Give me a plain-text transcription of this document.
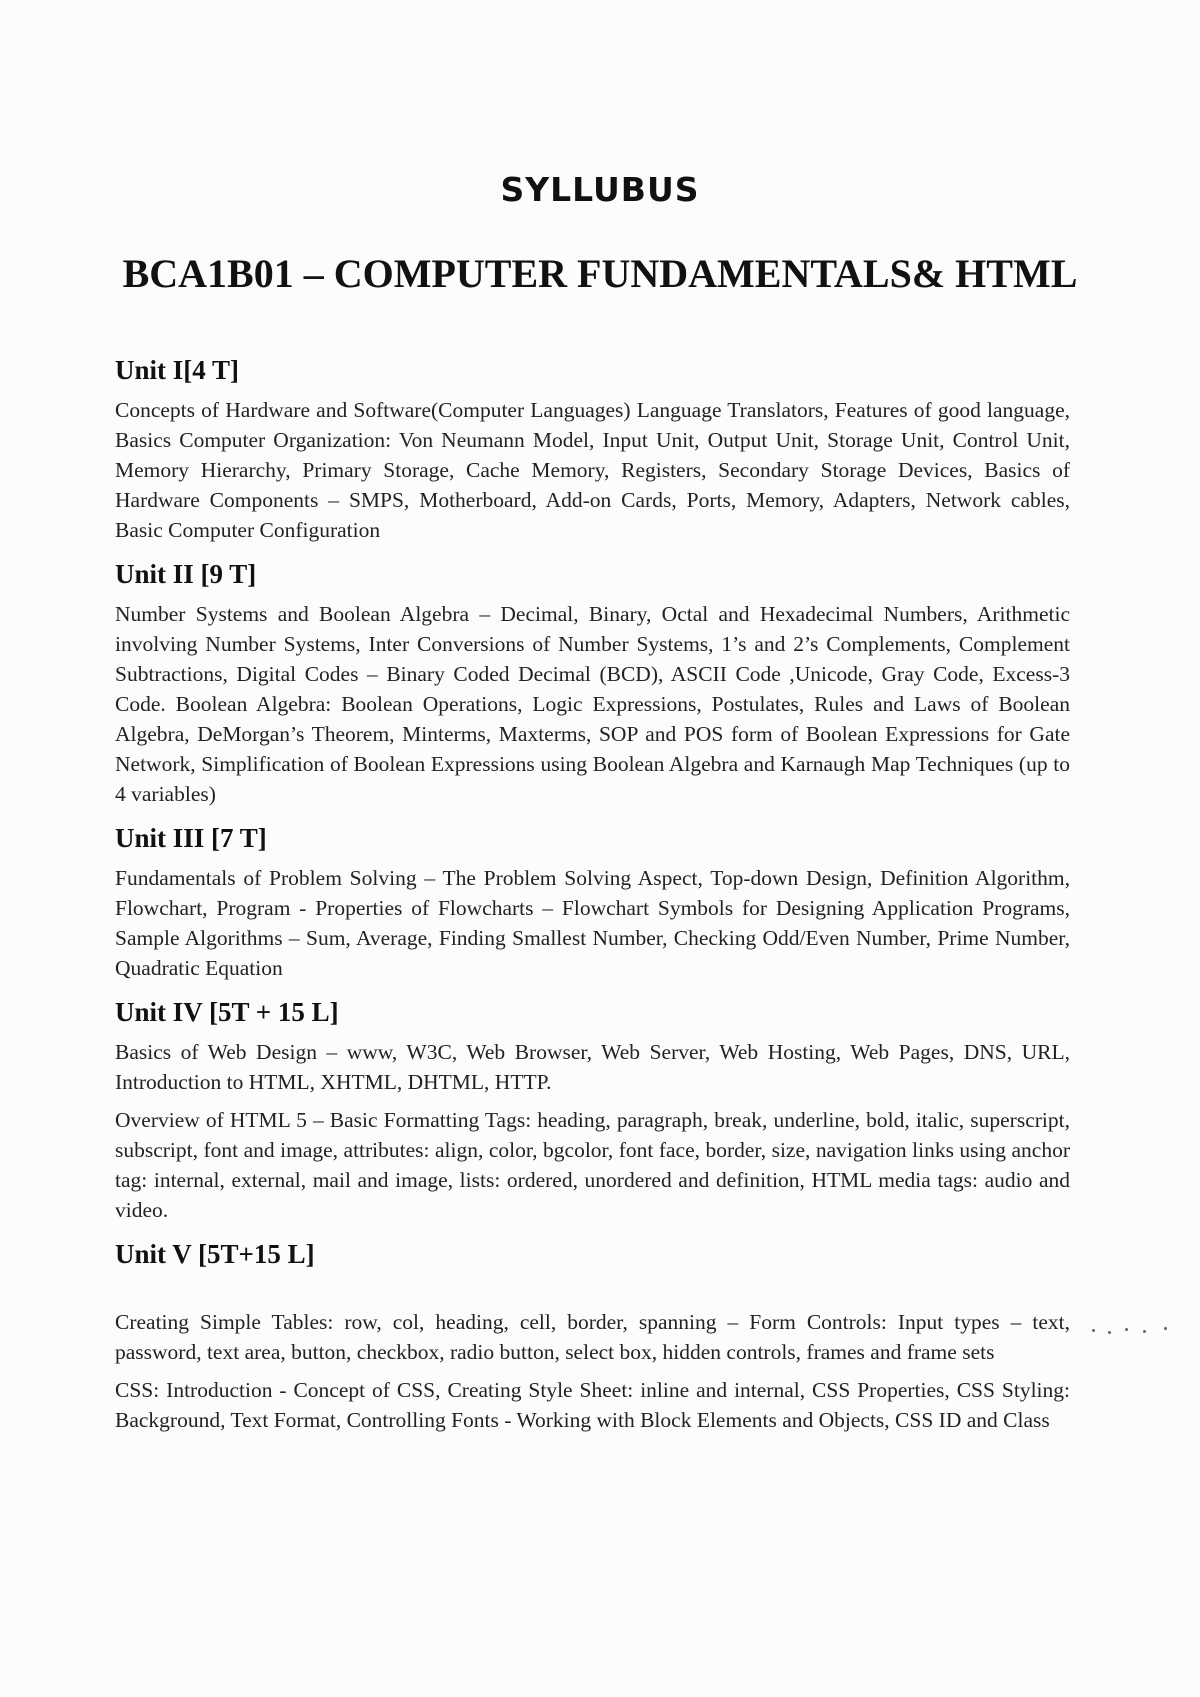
SYLLUBUS
BCA1B01 – COMPUTER FUNDAMENTALS& HTML
Unit I[4 T]

Concepts of Hardware and Software(Computer Languages) Language Translators, Features of good language, Basics Computer Organization: Von Neumann Model, Input Unit, Output Unit, Storage Unit, Control Unit, Memory Hierarchy, Primary Storage, Cache Memory, Registers, Secondary Storage Devices, Basics of Hardware Components – SMPS, Motherboard, Add-on Cards, Ports, Memory, Adapters, Network cables, Basic Computer Configuration

Unit II [9 T]

Number Systems and Boolean Algebra – Decimal, Binary, Octal and Hexadecimal Numbers, Arithmetic involving Number Systems, Inter Conversions of Number Systems, 1’s and 2’s Complements, Complement Subtractions, Digital Codes – Binary Coded Decimal (BCD), ASCII Code ,Unicode, Gray Code, Excess-3 Code. Boolean Algebra: Boolean Operations, Logic Expressions, Postulates, Rules and Laws of Boolean Algebra, DeMorgan’s Theorem, Minterms, Maxterms, SOP and POS form of Boolean Expressions for Gate Network, Simplification of Boolean Expressions using Boolean Algebra and Karnaugh Map Techniques (up to 4 variables)

Unit III [7 T]

Fundamentals of Problem Solving – The Problem Solving Aspect, Top-down Design, Definition Algorithm, Flowchart, Program - Properties of Flowcharts – Flowchart Symbols for Designing Application Programs, Sample Algorithms – Sum, Average, Finding Smallest Number, Checking Odd/Even Number, Prime Number, Quadratic Equation

Unit IV [5T + 15 L]

Basics of Web Design – www, W3C, Web Browser, Web Server, Web Hosting, Web Pages, DNS, URL, Introduction to HTML, XHTML, DHTML, HTTP.

Overview of HTML 5 – Basic Formatting Tags: heading, paragraph, break, underline, bold, italic, superscript, subscript, font and image, attributes: align, color, bgcolor, font face, border, size, navigation links using anchor tag: internal, external, mail and image, lists: ordered, unordered and definition, HTML media tags: audio and video.

Unit V [5T+15 L]

Creating Simple Tables: row, col, heading, cell, border, spanning – Form Controls: Input types – text, password, text area, button, checkbox, radio button, select box, hidden controls, frames and frame sets

CSS: Introduction - Concept of CSS, Creating Style Sheet: inline and internal, CSS Properties, CSS Styling: Background, Text Format, Controlling Fonts - Working with Block Elements and Objects, CSS ID and Class
